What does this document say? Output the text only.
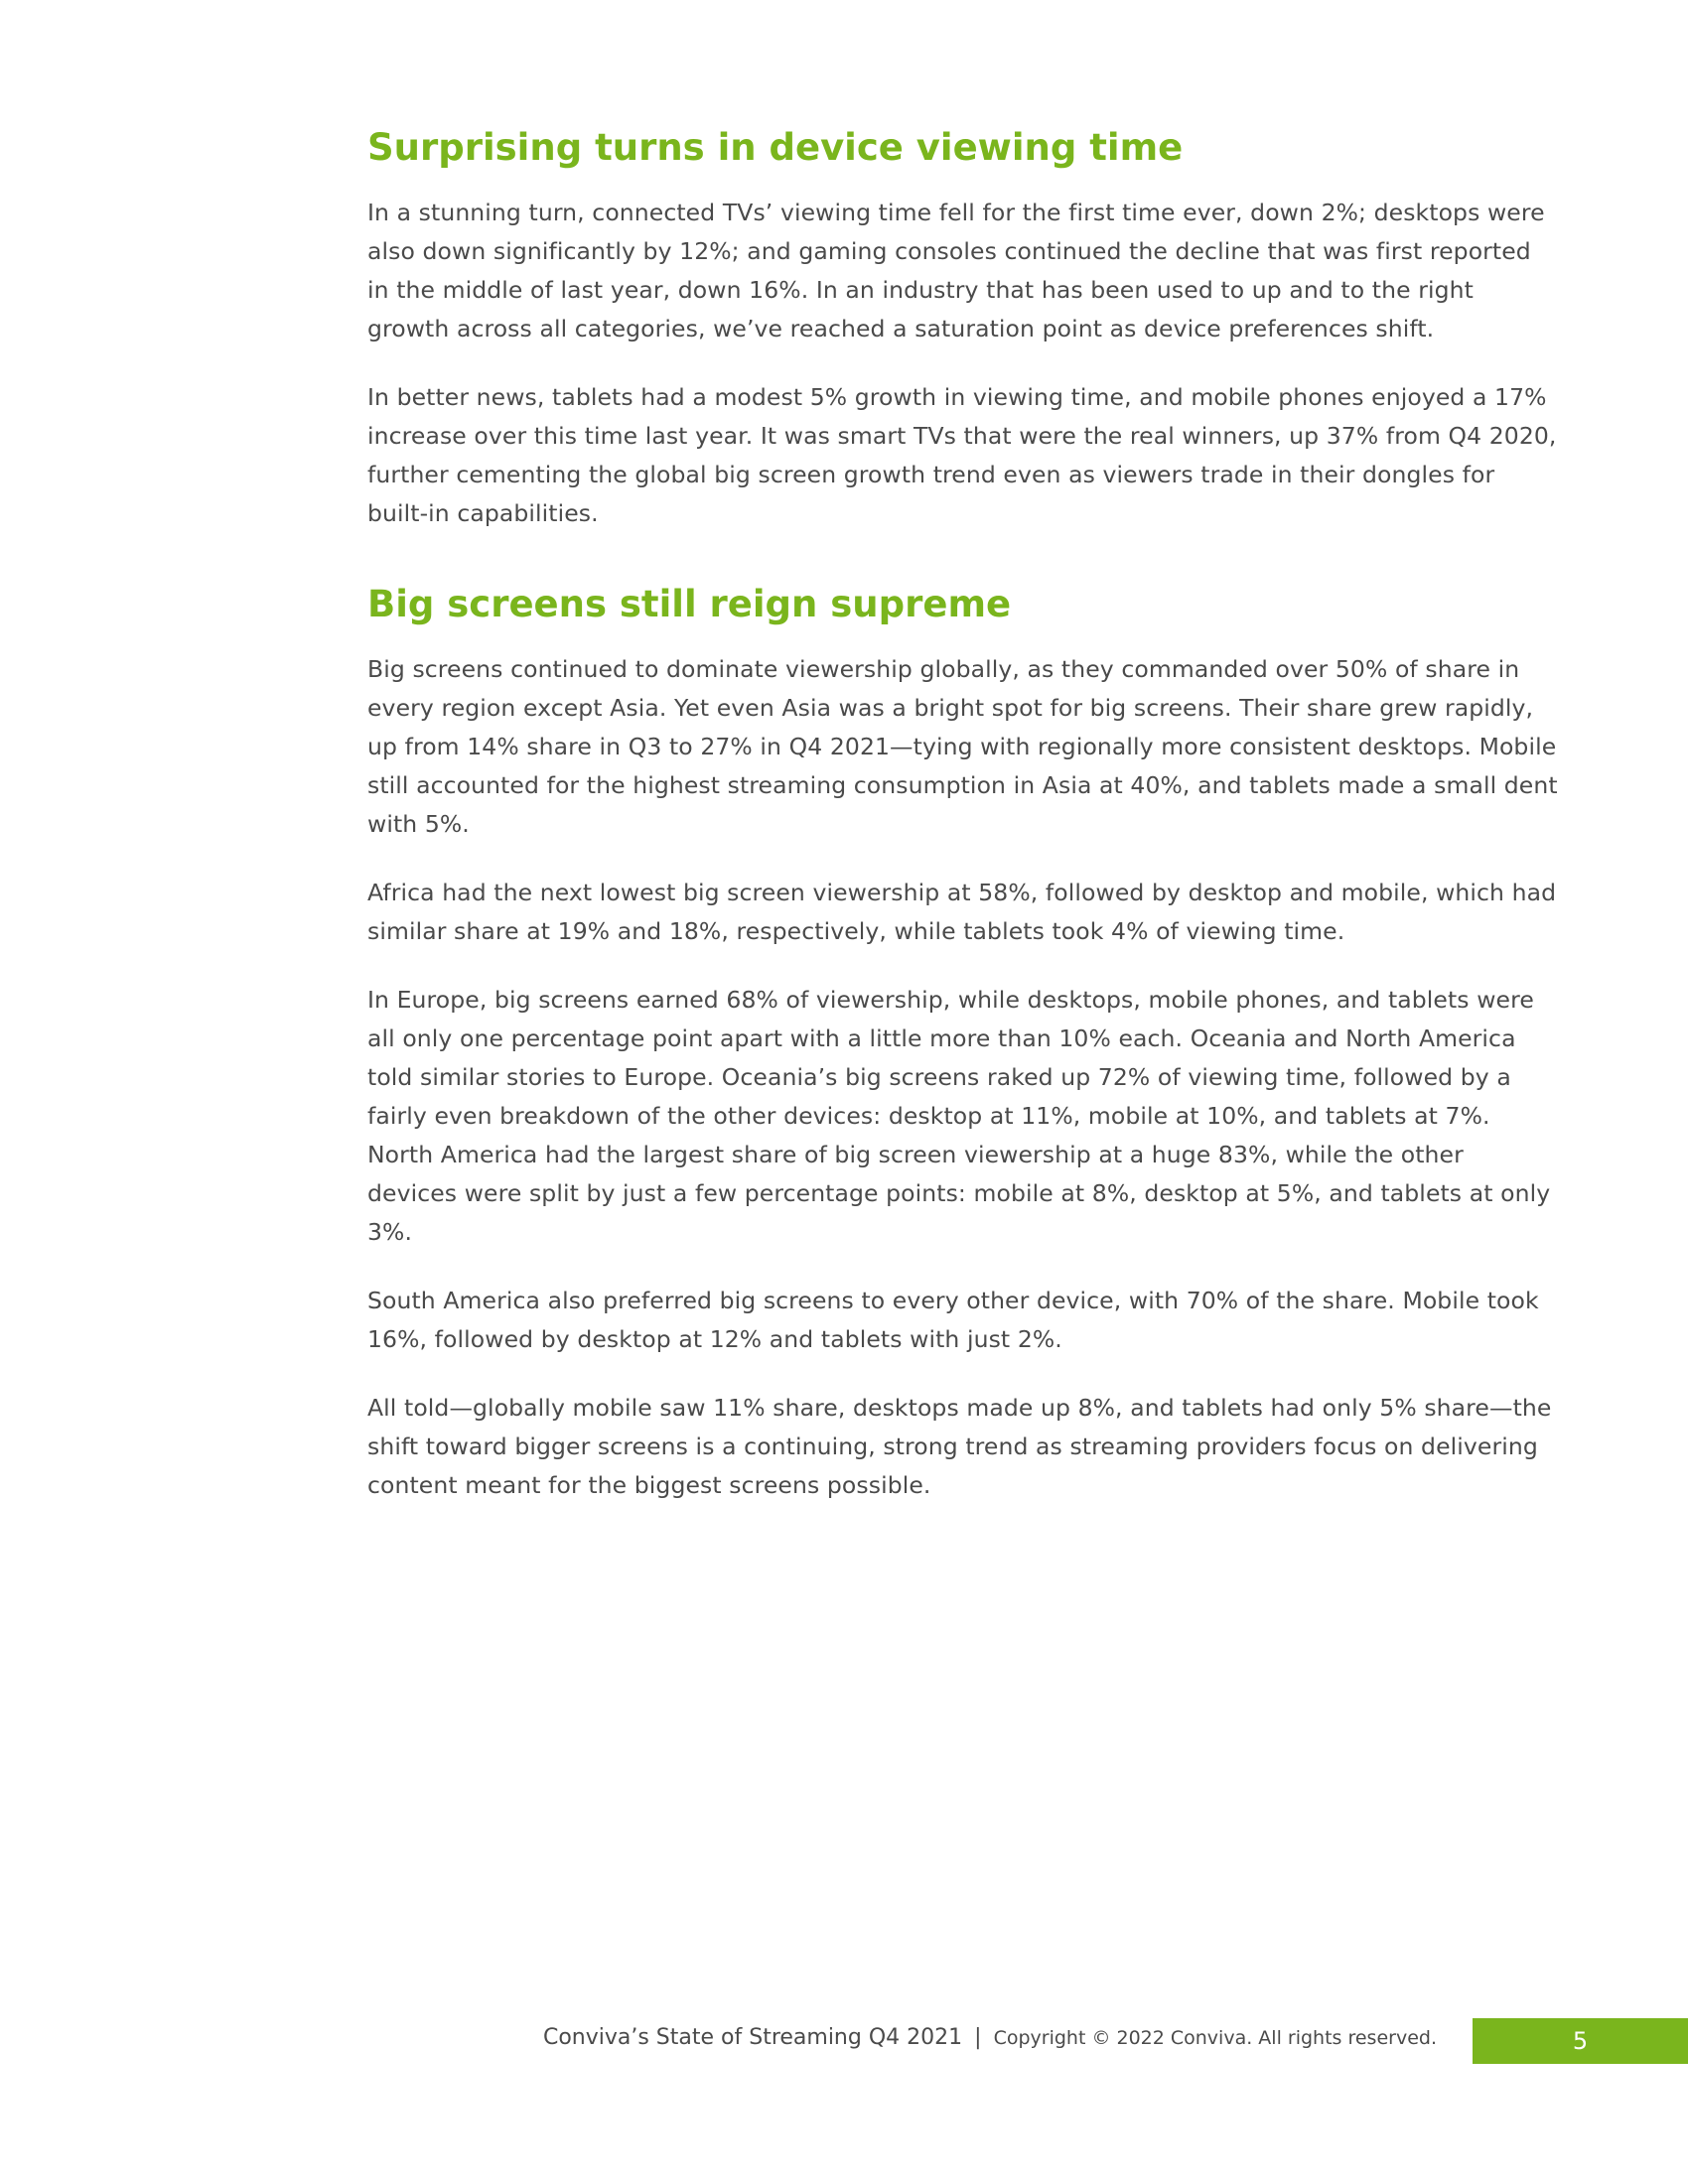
Surprising turns in device viewing time

In a stunning turn, connected TVs’ viewing time fell for the first time ever, down 2%; desktops were also down significantly by 12%; and gaming consoles continued the decline that was first reported in the middle of last year, down 16%. In an industry that has been used to up and to the right growth across all categories, we’ve reached a saturation point as device preferences shift.

In better news, tablets had a modest 5% growth in viewing time, and mobile phones enjoyed a 17% increase over this time last year. It was smart TVs that were the real winners, up 37% from Q4 2020, further cementing the global big screen growth trend even as viewers trade in their dongles for built-in capabilities.

Big screens still reign supreme

Big screens continued to dominate viewership globally, as they commanded over 50% of share in every region except Asia. Yet even Asia was a bright spot for big screens. Their share grew rapidly, up from 14% share in Q3 to 27% in Q4 2021—tying with regionally more consistent desktops. Mobile still accounted for the highest streaming consumption in Asia at 40%, and tablets made a small dent with 5%.

Africa had the next lowest big screen viewership at 58%, followed by desktop and mobile, which had similar share at 19% and 18%, respectively, while tablets took 4% of viewing time.

In Europe, big screens earned 68% of viewership, while desktops, mobile phones, and tablets were all only one percentage point apart with a little more than 10% each. Oceania and North America told similar stories to Europe. Oceania’s big screens raked up 72% of viewing time, followed by a fairly even breakdown of the other devices: desktop at 11%, mobile at 10%, and tablets at 7%. North America had the largest share of big screen viewership at a huge 83%, while the other devices were split by just a few percentage points: mobile at 8%, desktop at 5%, and tablets at only 3%.

South America also preferred big screens to every other device, with 70% of the share. Mobile took 16%, followed by desktop at 12% and tablets with just 2%.

All told—globally mobile saw 11% share, desktops made up 8%, and tablets had only 5% share—the shift toward bigger screens is a continuing, strong trend as streaming providers focus on delivering content meant for the biggest screens possible.

Conviva’s State of Streaming Q4 2021 | Copyright © 2022 Conviva. All rights reserved.	5
